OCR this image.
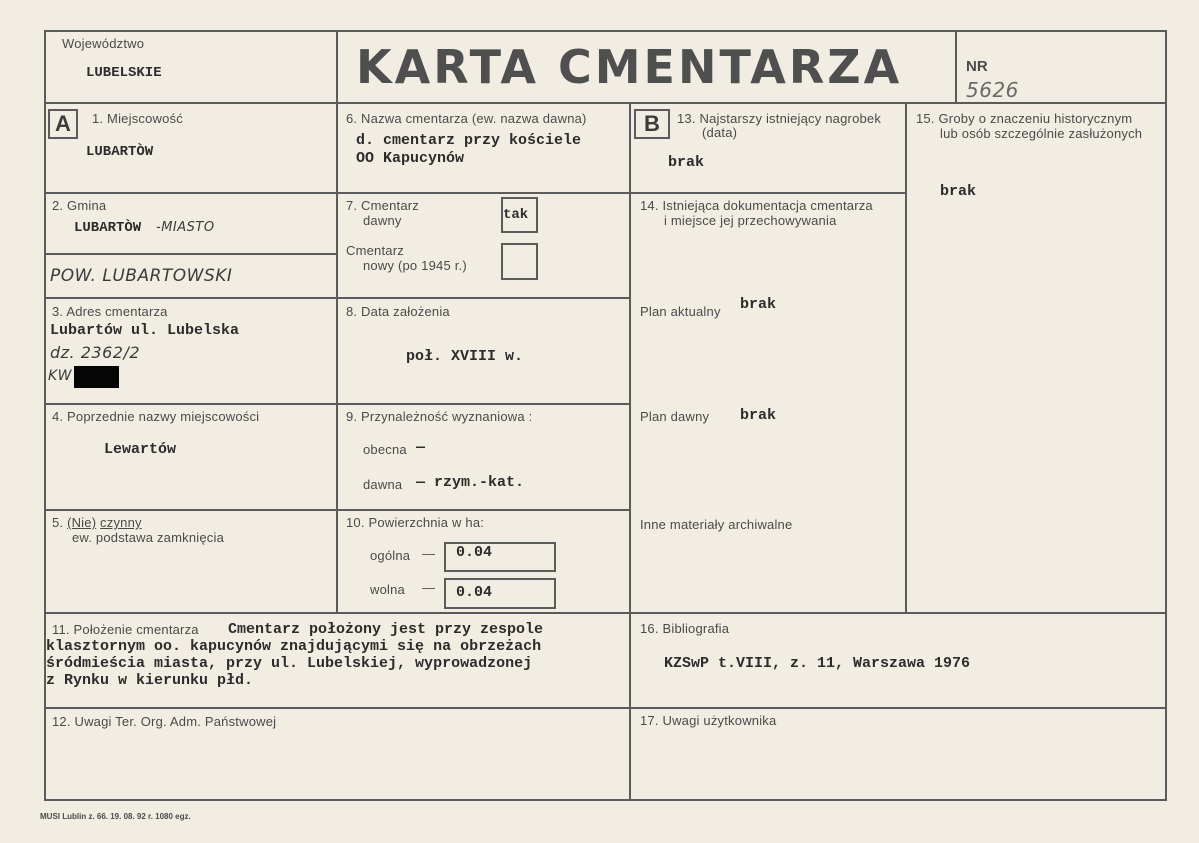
Województwo
LUBELSKIE	KARTA CMENTARZA	NR
5626
A	1. Miejscowość
LUBARTÒW
2. Gmina
LUBARTÒW -MIASTO
POW. LUBARTOWSKI
3. Adres cmentarza
Lubartów ul. Lubelska
dz. 2362/2
KW
4. Poprzednie nazwy miejscowości
Lewartów
5. (Nie) czynny
ew. podstawa zamknięcia
6. Nazwa cmentarza (ew. nazwa dawna)
d. cmentarz przy kościele
OO Kapucynów
7. Cmentarz
dawny	tak
Cmentarz
nowy (po 1945 r.)
8. Data założenia
poł. XVIII w.
9. Przynależność wyznaniowa :
obecna —
dawna — rzym.-kat.
10. Powierzchnia w ha:
ogólna — 0.04
wolna — 0.04
B	13. Najstarszy istniejący nagrobek
(data)
brak
14. Istniejąca dokumentacja cmentarza
i miejsce jej przechowywania
Plan aktualny brak
Plan dawny brak
Inne materiały archiwalne
15. Groby o znaczeniu historycznym
lub osób szczególnie zasłużonych
brak
11. Położenie cmentarza Cmentarz położony jest przy zespole
klasztornym oo. kapucynów znajdującymi się na obrzeżach
śródmieścia miasta, przy ul. Lubelskiej, wyprowadzonej
z Rynku w kierunku płd.
12. Uwagi Ter. Org. Adm. Państwowej
16. Bibliografia
KZSwP t.VIII, z. 11, Warszawa 1976
17. Uwagi użytkownika
MUSI Lublin z. 66. 19. 08. 92 r. 1080 egz.
